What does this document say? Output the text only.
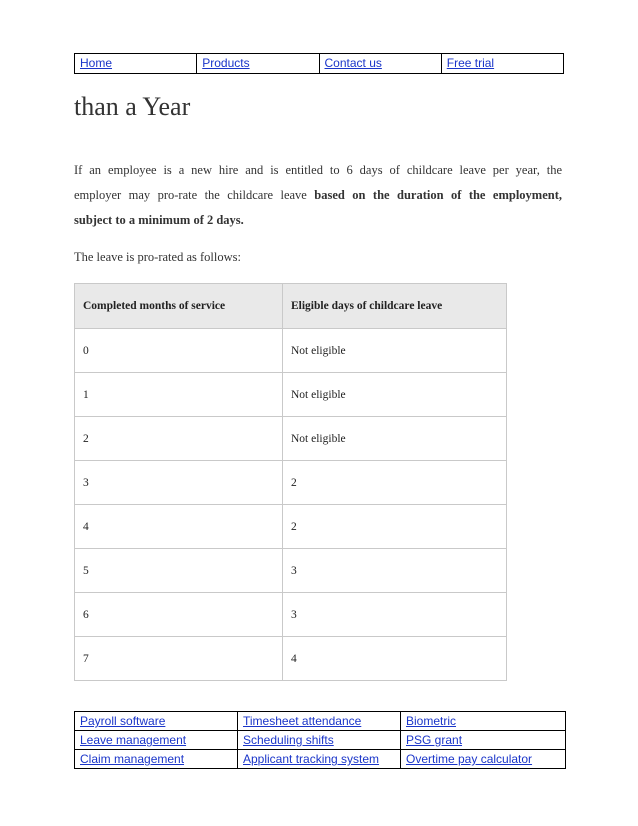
Home	Products	Contact us	Free trial
than a Year

If an employee is a new hire and is entitled to 6 days of childcare leave per year, the
employer may pro-rate the childcare leave based on the duration of the employment,
subject to a minimum of 2 days.

The leave is pro-rated as follows:

Completed months of service	Eligible days of childcare leave
0	Not eligible
1	Not eligible
2	Not eligible
3	2
4	2
5	3
6	3
7	4
Payroll software	Timesheet attendance	Biometric
Leave management	Scheduling shifts	PSG grant
Claim management	Applicant tracking system	Overtime pay calculator
